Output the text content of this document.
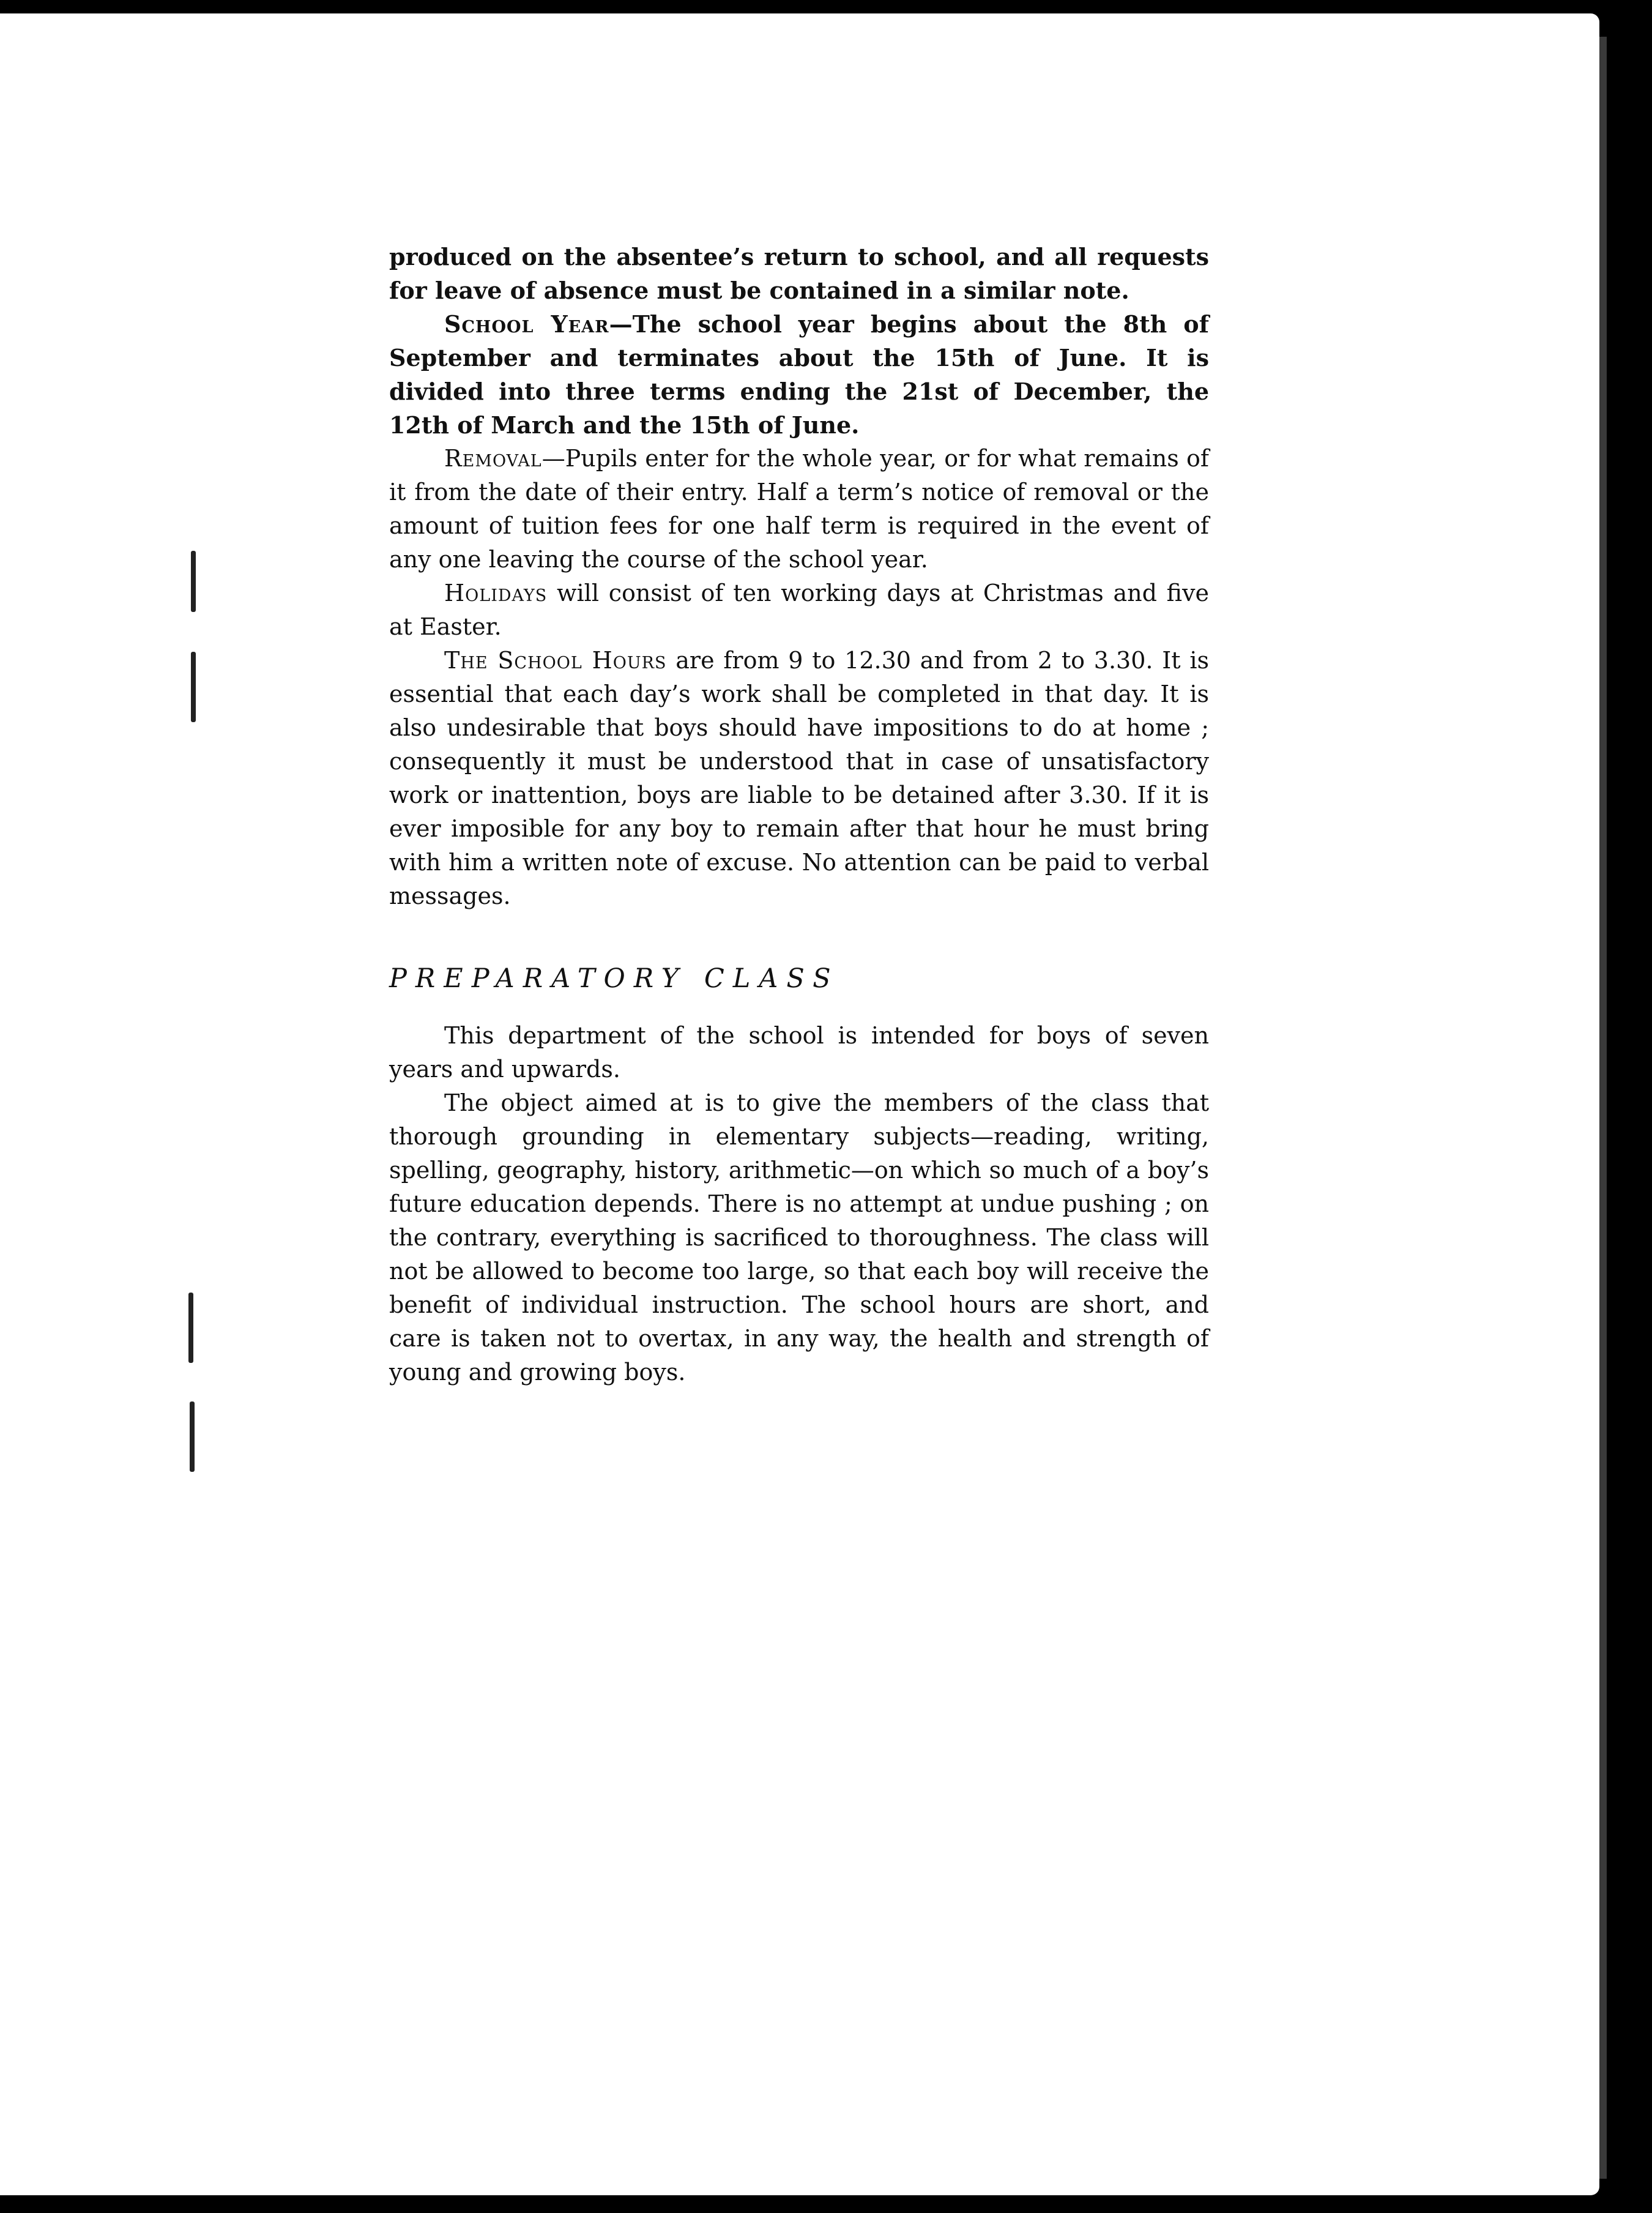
produced on the absentee’s return to school, and all requests for leave of absence must be contained in a similar note.

School Year—The school year begins about the 8th of September and terminates about the 15th of June. It is divided into three terms ending the 21st of December, the 12th of March and the 15th of June.

Removal—Pupils enter for the whole year, or for what remains of it from the date of their entry. Half a term’s notice of removal or the amount of tuition fees for one half term is required in the event of any one leaving the course of the school year.

Holidays will consist of ten working days at Christmas and five at Easter.

The School Hours are from 9 to 12.30 and from 2 to 3.30. It is essential that each day’s work shall be completed in that day. It is also undesirable that boys should have impositions to do at home ; consequently it must be understood that in case of unsatisfactory work or inattention, boys are liable to be detained after 3.30. If it is ever imposible for any boy to remain after that hour he must bring with him a written note of excuse. No attention can be paid to verbal messages.

PREPARATORY CLASS

This department of the school is intended for boys of seven years and upwards.

The object aimed at is to give the members of the class that thorough grounding in elementary subjects—reading, writing, spelling, geography, history, arithmetic—on which so much of a boy’s future education depends. There is no attempt at undue pushing ; on the contrary, everything is sacrificed to thoroughness. The class will not be allowed to become too large, so that each boy will receive the benefit of individual instruction. The school hours are short, and care is taken not to overtax, in any way, the health and strength of young and growing boys.
